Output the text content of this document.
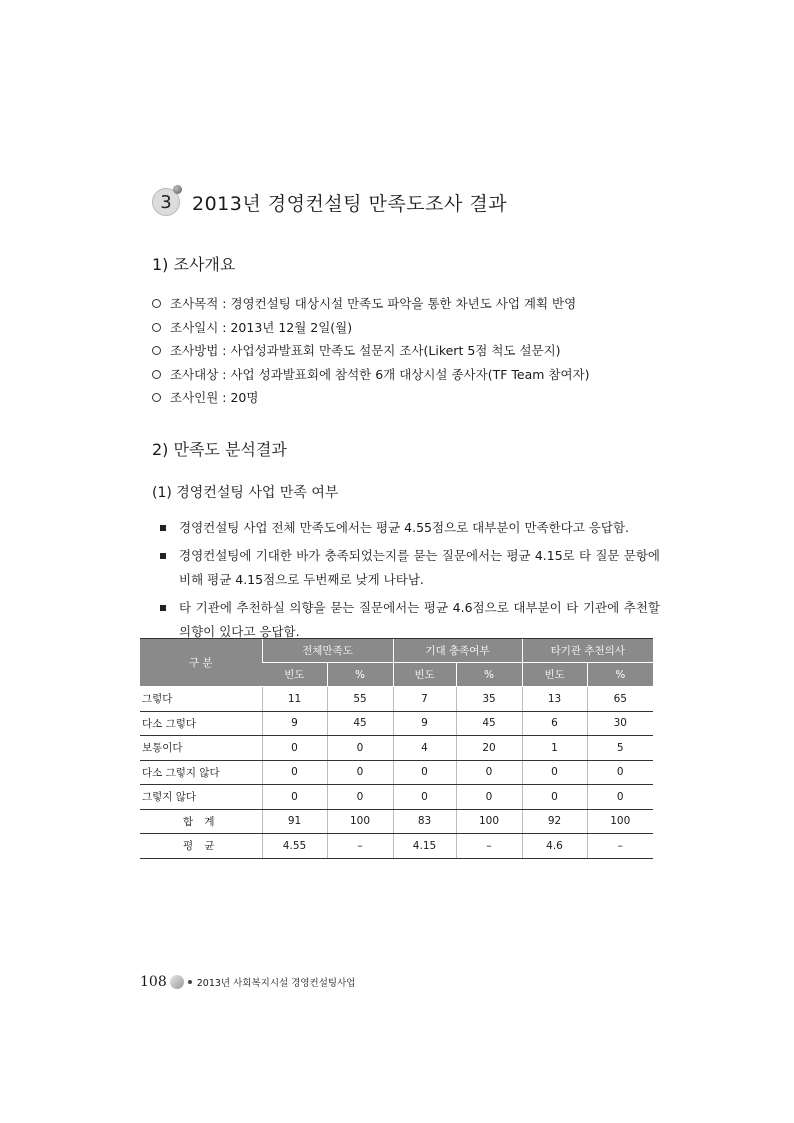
3 2013년 경영컨설팅 만족도조사 결과
1) 조사개요
조사목적 : 경영컨설팅 대상시설 만족도 파악을 통한 차년도 사업 계획 반영
조사일시 : 2013년 12월 2일(월)
조사방법 : 사업성과발표회 만족도 설문지 조사(Likert 5점 척도 설문지)
조사대상 : 사업 성과발표회에 참석한 6개 대상시설 종사자(TF Team 참여자)
조사인원 : 20명
2) 만족도 분석결과
(1) 경영컨설팅 사업 만족 여부
경영컨설팅 사업 전체 만족도에서는 평균 4.55점으로 대부분이 만족한다고 응답함.
경영컨설팅에 기대한 바가 충족되었는지를 묻는 질문에서는 평균 4.15로 타 질문 문항에 비해 평균 4.15점으로 두번째로 낮게 나타남.
타 기관에 추천하실 의향을 묻는 질문에서는 평균 4.6점으로 대부분이 타 기관에 추천할 의향이 있다고 응답함.
구 분	전체만족도		기대 충족여부		타기관 추천의사	
	빈도	%	빈도	%	빈도	%
그렇다	11	55	7	35	13	65
다소 그렇다	9	45	9	45	6	30
보통이다	0	0	4	20	1	5
다소 그렇지 않다	0	0	0	0	0	0
그렇지 않다	0	0	0	0	0	0
합 계	91	100	83	100	92	100
평 균	4.55	–	4.15	–	4.6	–
108	2013년 사회복지시설 경영컨설팅사업
